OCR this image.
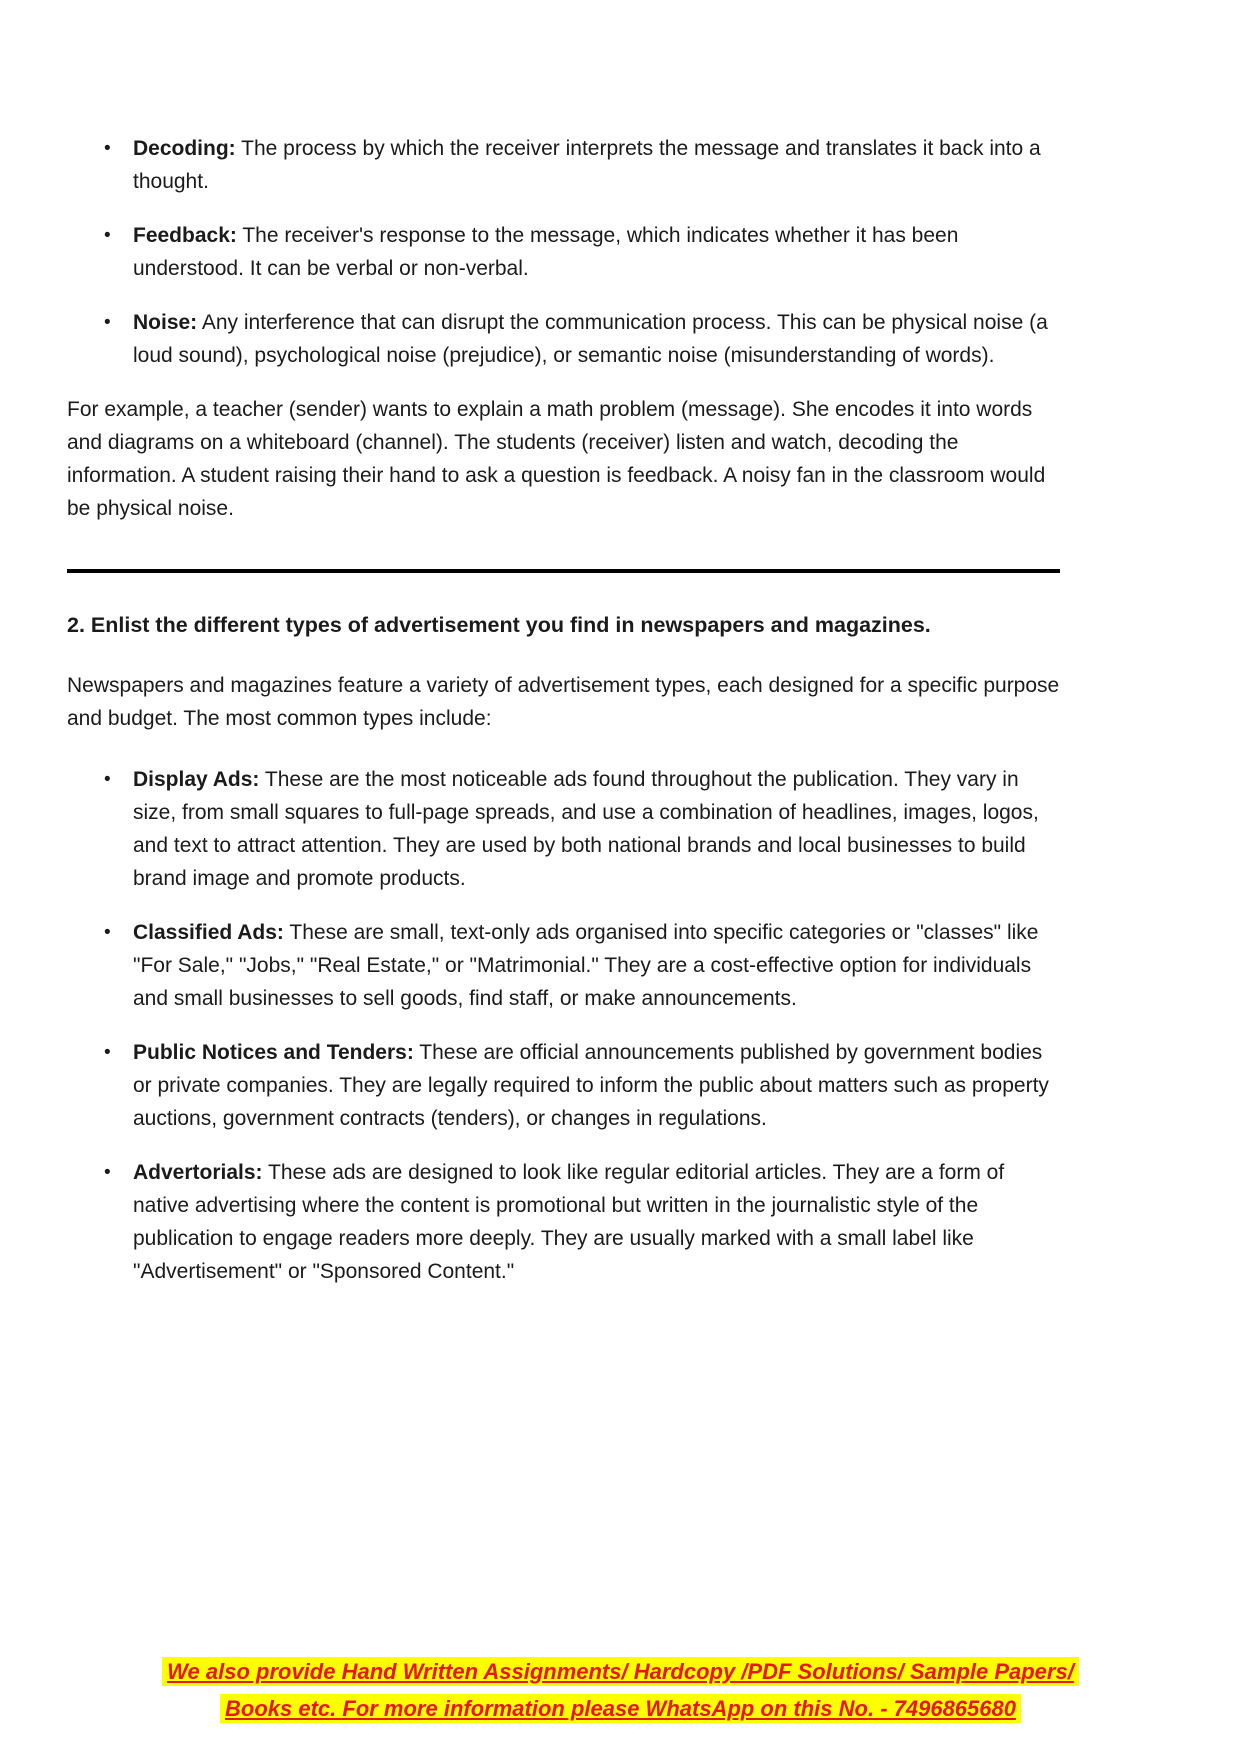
• Decoding: The process by which the receiver interprets the message and translates it back into a thought.
• Feedback: The receiver's response to the message, which indicates whether it has been understood. It can be verbal or non-verbal.
• Noise: Any interference that can disrupt the communication process. This can be physical noise (a loud sound), psychological noise (prejudice), or semantic noise (misunderstanding of words).

For example, a teacher (sender) wants to explain a math problem (message). She encodes it into words and diagrams on a whiteboard (channel). The students (receiver) listen and watch, decoding the information. A student raising their hand to ask a question is feedback. A noisy fan in the classroom would be physical noise.

2. Enlist the different types of advertisement you find in newspapers and magazines.

Newspapers and magazines feature a variety of advertisement types, each designed for a specific purpose and budget. The most common types include:

• Display Ads: These are the most noticeable ads found throughout the publication. They vary in size, from small squares to full-page spreads, and use a combination of headlines, images, logos, and text to attract attention. They are used by both national brands and local businesses to build brand image and promote products.
• Classified Ads: These are small, text-only ads organised into specific categories or "classes" like "For Sale," "Jobs," "Real Estate," or "Matrimonial." They are a cost-effective option for individuals and small businesses to sell goods, find staff, or make announcements.
• Public Notices and Tenders: These are official announcements published by government bodies or private companies. They are legally required to inform the public about matters such as property auctions, government contracts (tenders), or changes in regulations.
• Advertorials: These ads are designed to look like regular editorial articles. They are a form of native advertising where the content is promotional but written in the journalistic style of the publication to engage readers more deeply. They are usually marked with a small label like "Advertisement" or "Sponsored Content."
We also provide Hand Written Assignments/ Hardcopy /PDF Solutions/ Sample Papers/
Books etc. For more information please WhatsApp on this No. - 7496865680
